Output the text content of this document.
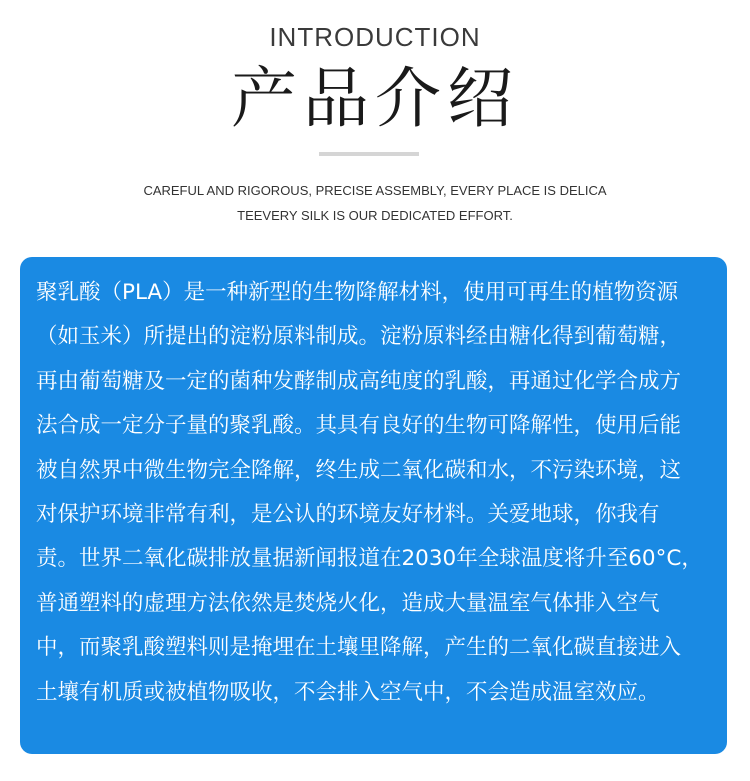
INTRODUCTION
产品介绍
CAREFUL AND RIGOROUS, PRECISE ASSEMBLY, EVERY PLACE IS DELICA
TEEVERY SILK IS OUR DEDICATED EFFORT.
聚乳酸（PLA）是一种新型的生物降解材料，使用可再生的植物资源
（如玉米）所提出的淀粉原料制成。淀粉原料经由糖化得到葡萄糖，
再由葡萄糖及一定的菌种发酵制成高纯度的乳酸，再通过化学合成方
法合成一定分子量的聚乳酸。其具有良好的生物可降解性，使用后能
被自然界中微生物完全降解，终生成二氧化碳和水，不污染环境，这
对保护环境非常有利，是公认的环境友好材料。关爱地球，你我有
责。世界二氧化碳排放量据新闻报道在2030年全球温度将升至60°C，
普通塑料的虚理方法依然是焚烧火化，造成大量温室气体排入空气
中，而聚乳酸塑料则是掩埋在土壤里降解，产生的二氧化碳直接进入
土壤有机质或被植物吸收，不会排入空气中，不会造成温室效应。
